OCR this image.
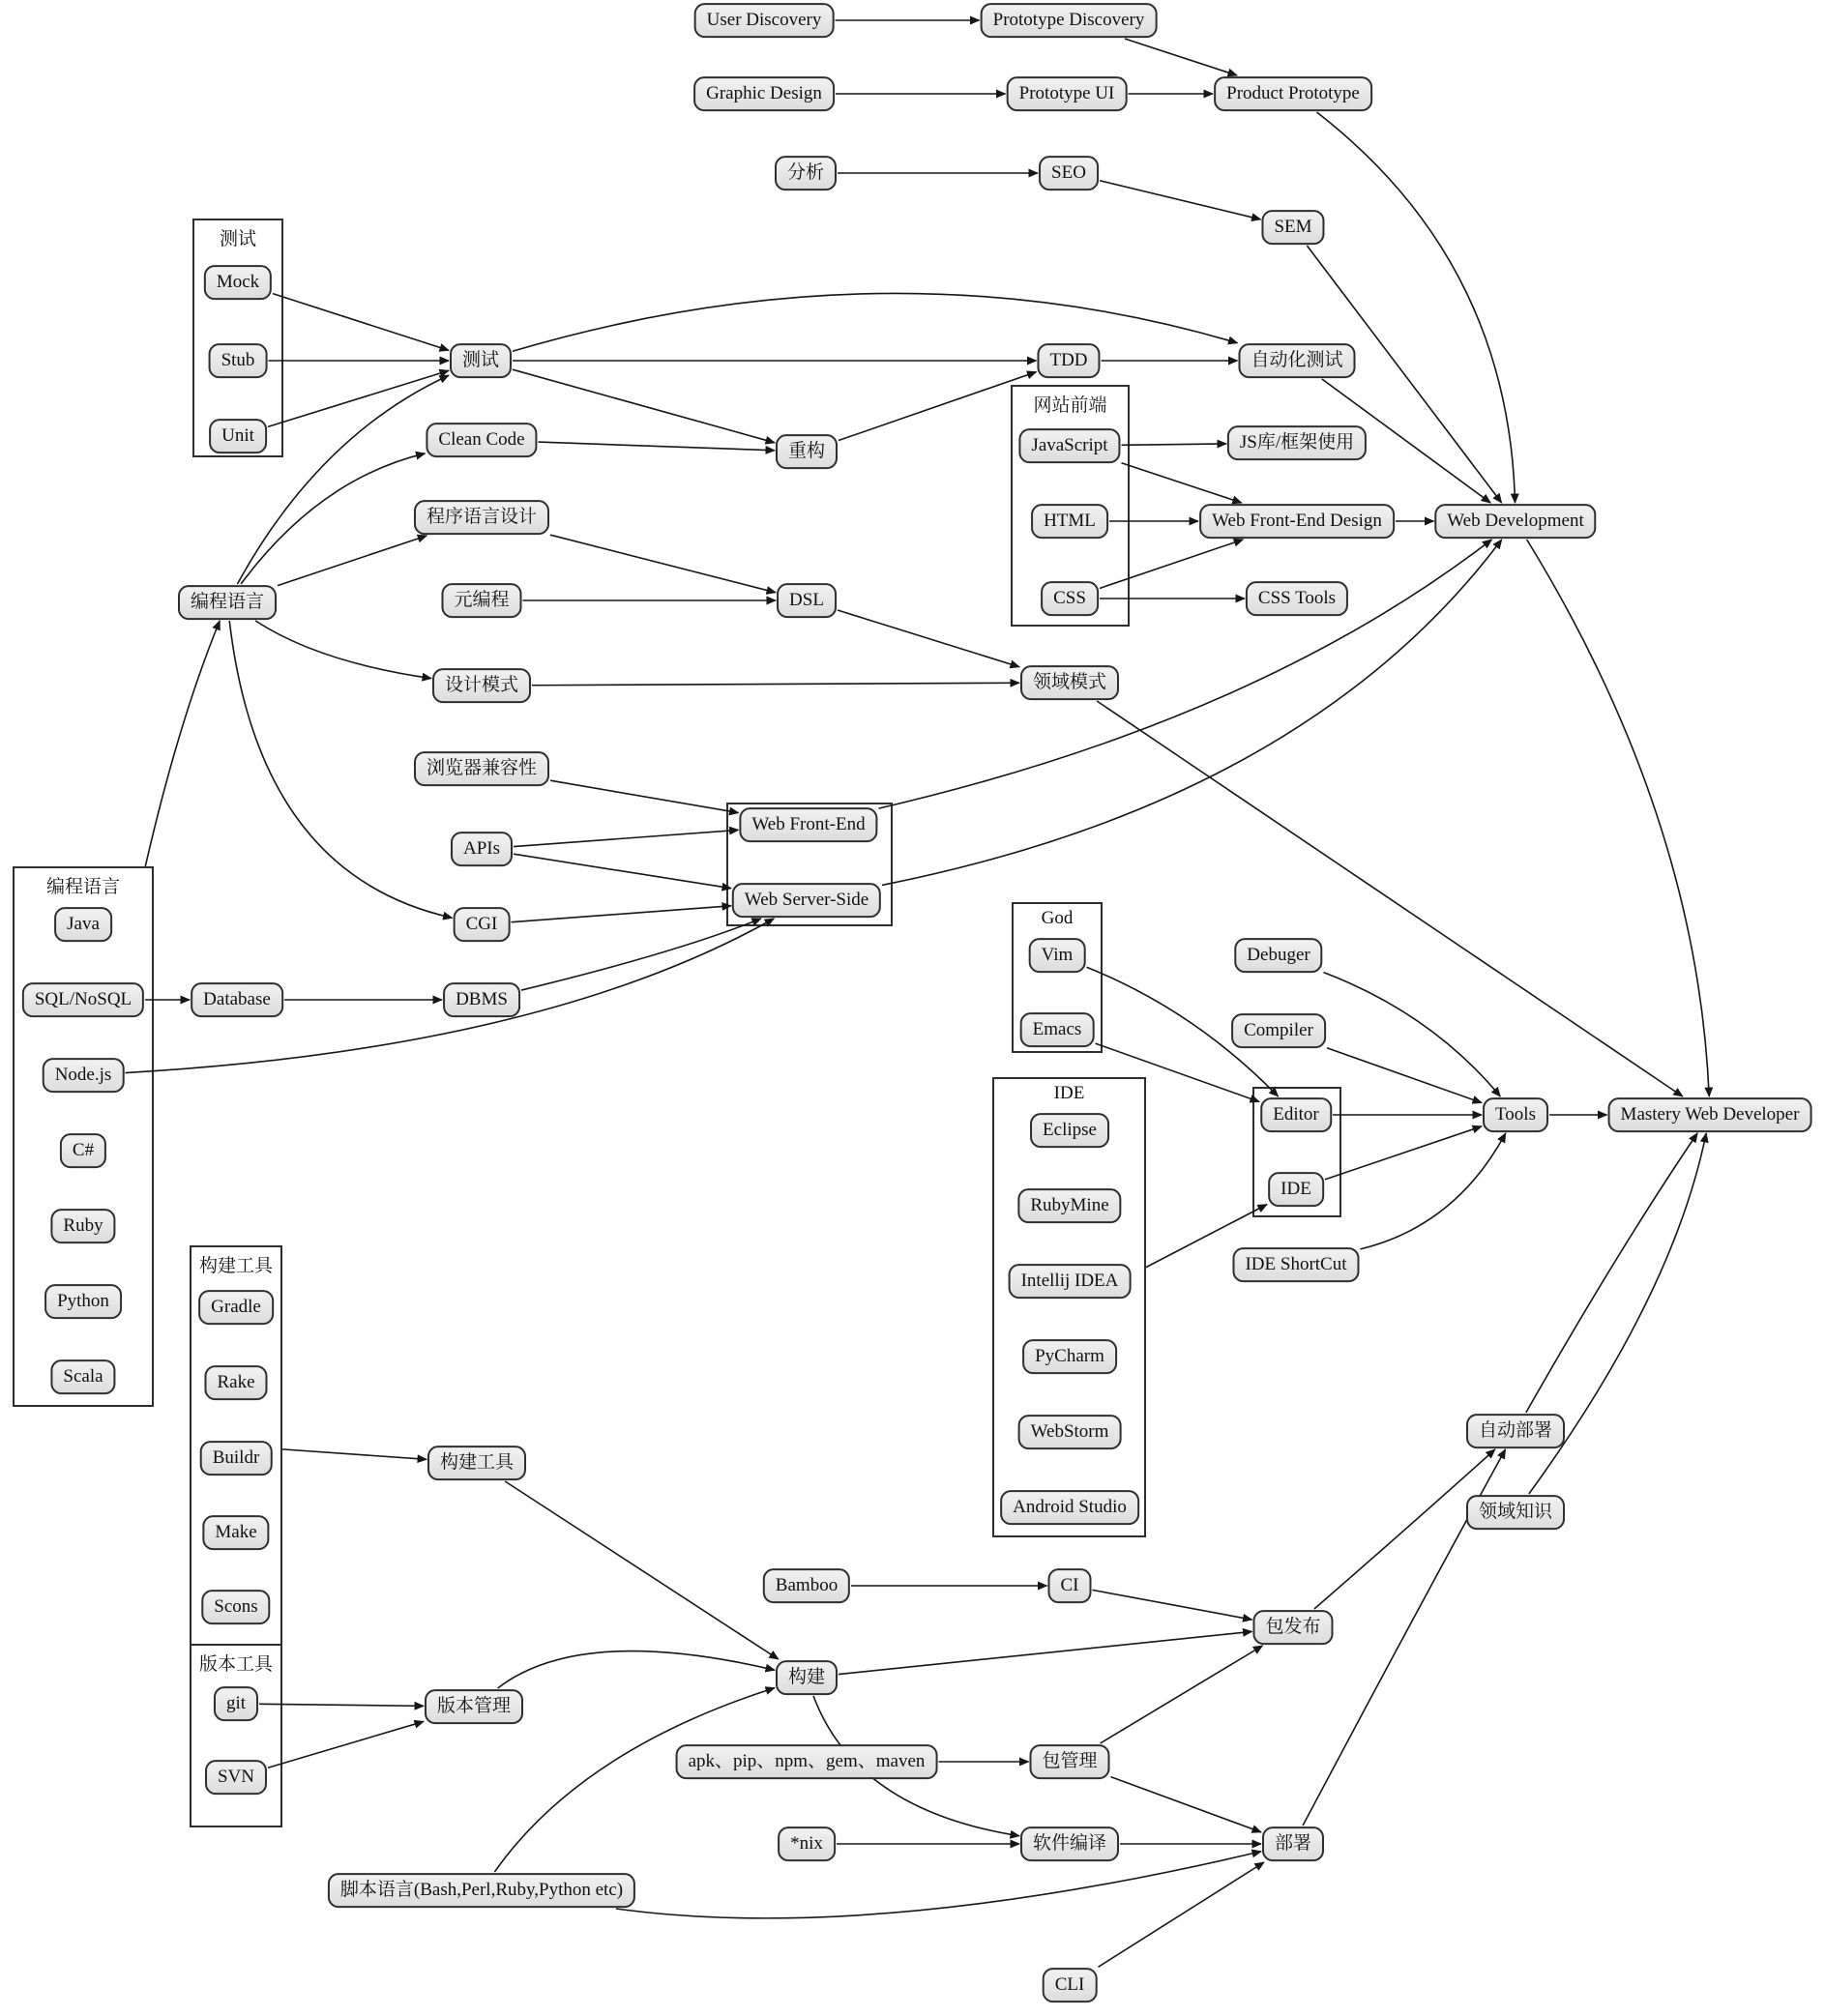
测试
网站前端
编程语言
God
IDE
构建工具
版本工具
User Discovery	Prototype Discovery
Graphic Design	Prototype UI	Product Prototype
分析	SEO
SEM
Mock
Stub
Unit
测试	TDD	自动化测试
Clean Code
重构
程序语言设计
元编程	DSL
设计模式	领域模式
编程语言
JavaScript
HTML
CSS
JS库/框架使用
Web Front-End Design
CSS Tools
Web Development
浏览器兼容性
APIs
CGI
Web Front-End
Web Server-Side
Java
SQL/NoSQL
Node.js
C#
Ruby
Python
Scala
Database	DBMS
Vim
Emacs
Debuger
Compiler
Eclipse
RubyMine
Intellij IDEA
PyCharm
WebStorm
Android Studio
Editor
IDE
Tools
IDE ShortCut
Mastery Web Developer
自动部署
领域知识
Gradle
Rake
Buildr
Make
Scons
git
SVN
版本管理
构建工具
构建
Bamboo	CI
包发布
apk、pip、npm、gem、maven	包管理
*nix	软件编译	部署
脚本语言(Bash,Perl,Ruby,Python etc)
CLI
